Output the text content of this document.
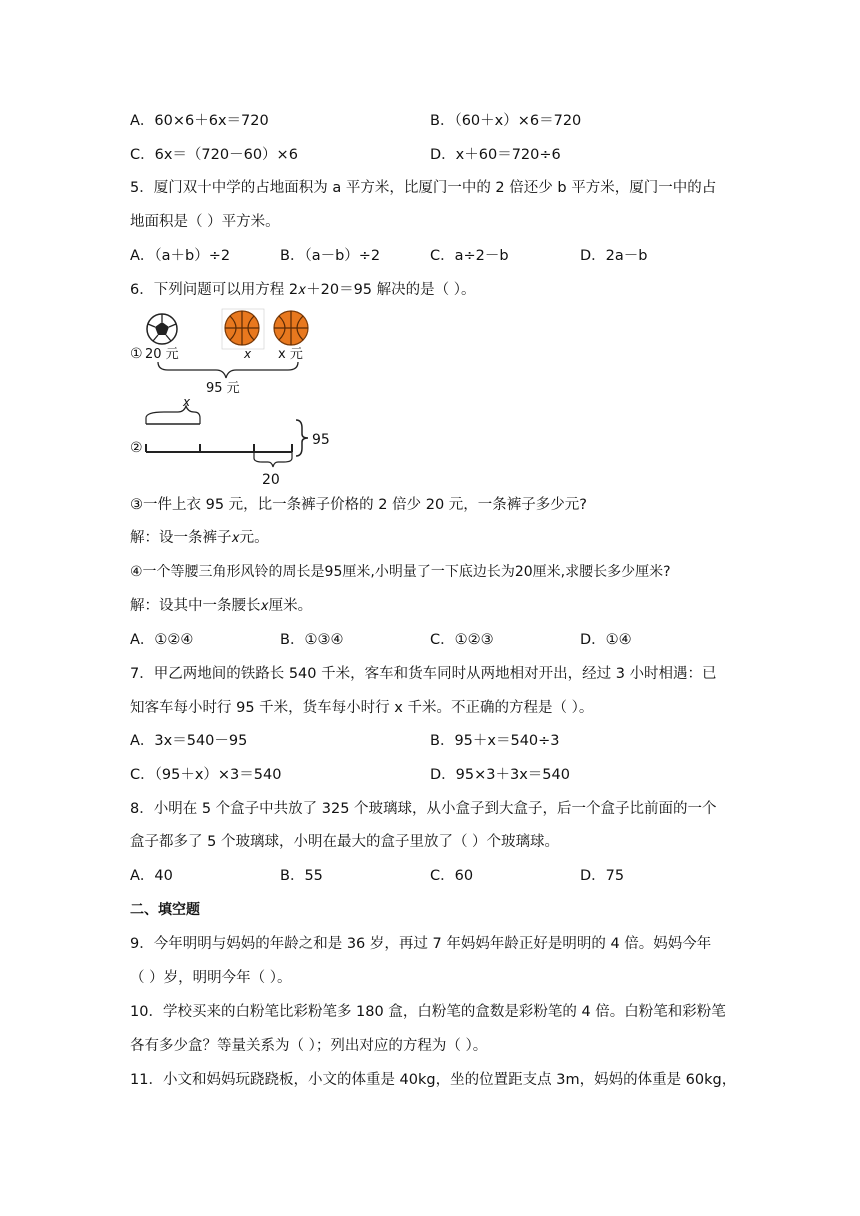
A．60×6＋6x＝720	B．（60＋x）×6＝720
C．6x＝（720－60）×6	D．x＋60＝720÷6
5．厦门双十中学的占地面积为 a 平方米，比厦门一中的 2 倍还少 b 平方米，厦门一中的占
地面积是（ ）平方米。
A．（a＋b）÷2	B．（a－b）÷2	C．a÷2－b	D．2a－b
6．下列问题可以用方程 2𝑥＋20＝95 解决的是（ ）。
① 20 元	x x 元
95 元
x
②	95
20
③一件上衣 95 元，比一条裤子价格的 2 倍少 20 元，一条裤子多少元?
解：设一条裤子𝑥元。
④一个等腰三角形风铃的周长是95厘米,小明量了一下底边长为20厘米,求腰长多少厘米?
解：设其中一条腰长𝑥厘米。
A．①②④	B．①③④	C．①②③	D．①④
7．甲乙两地间的铁路长 540 千米，客车和货车同时从两地相对开出，经过 3 小时相遇：已
知客车每小时行 95 千米，货车每小时行 x 千米。不正确的方程是（ ）。
A．3x＝540－95	B．95＋x＝540÷3
C．（95＋x）×3＝540	D．95×3＋3x＝540
8．小明在 5 个盒子中共放了 325 个玻璃球，从小盒子到大盒子，后一个盒子比前面的一个
盒子都多了 5 个玻璃球，小明在最大的盒子里放了（ ）个玻璃球。
A．40	B．55	C．60	D．75
二、填空题
9．今年明明与妈妈的年龄之和是 36 岁，再过 7 年妈妈年龄正好是明明的 4 倍。妈妈今年
（ ）岁，明明今年（ ）。
10．学校买来的白粉笔比彩粉笔多 180 盒，白粉笔的盒数是彩粉笔的 4 倍。白粉笔和彩粉笔
各有多少盒？等量关系为（ ）；列出对应的方程为（ ）。
11．小文和妈妈玩跷跷板，小文的体重是 40kg，坐的位置距支点 3m，妈妈的体重是 60kg，
